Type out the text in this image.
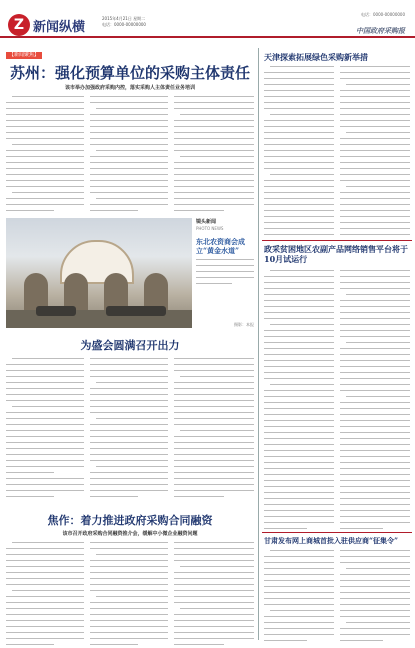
Z 新闻纵横
2015年4月21日 星期二
电话：0000-00000000
电话：0000-00000000
中国政府采购报
【新闻聚焦】
苏州：强化预算单位的采购主体责任
该市举办加强政府采购内控，落实采购人主体责任业务培训
镜头新闻
PHOTO NEWS
东北农资商会成立“黄金水道”
摄影：本报
为盛会圆满召开出力
焦作：着力推进政府采购合同融资
该市召开政府采购合同融资推介会，缓解中小微企业融资问题
天津探索拓展绿色采购新举措
政采贫困地区农副产品网络销售平台将于10月试运行
甘肃发布网上商城首批入驻供应商“征集令”
